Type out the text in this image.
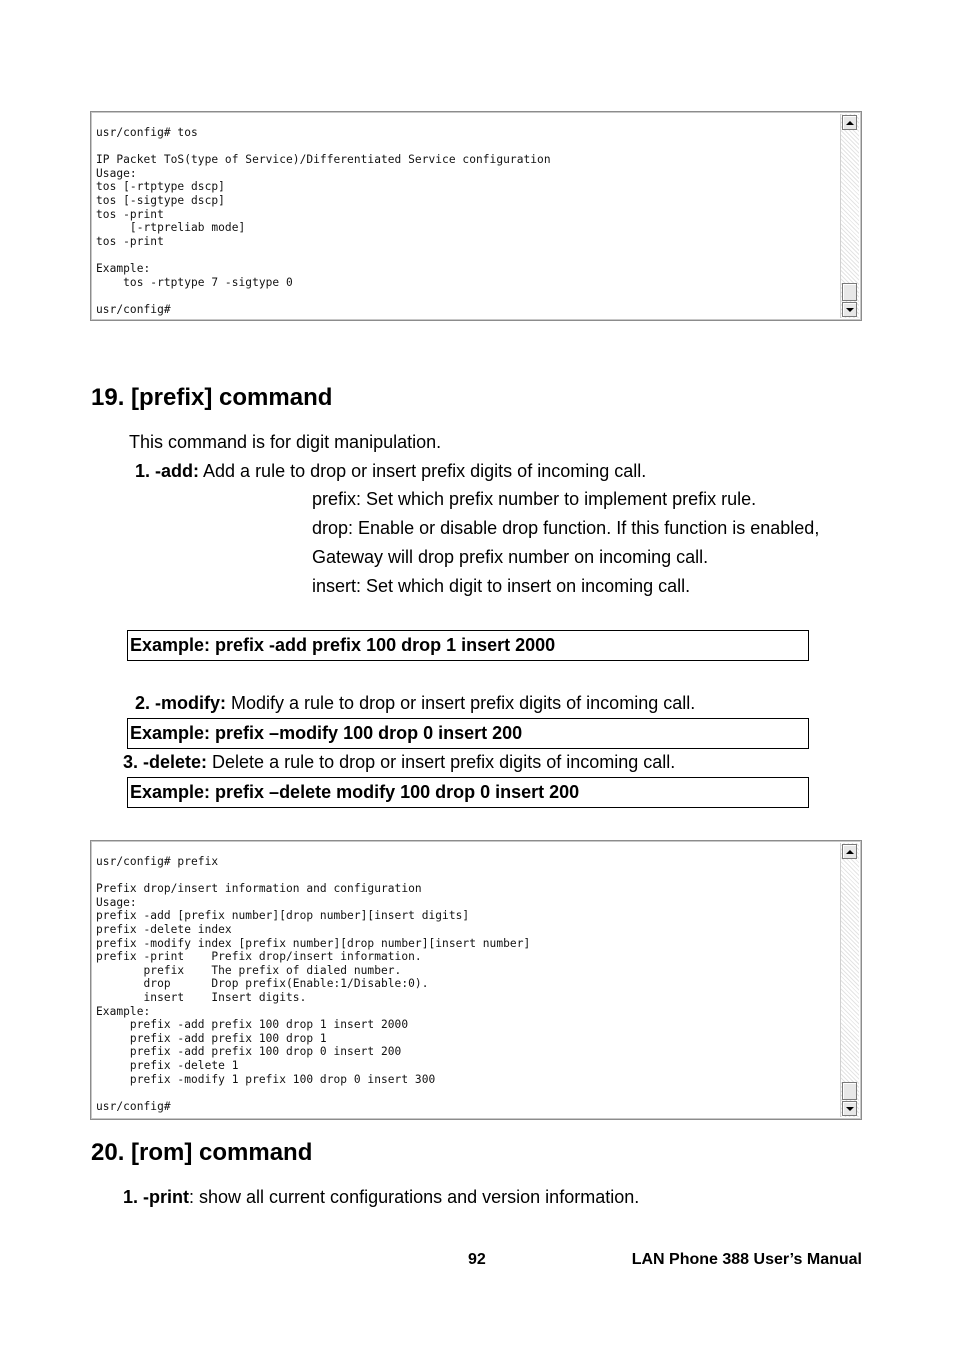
usr/config# tos

IP Packet ToS(type of Service)/Differentiated Service configuration
Usage:
tos [-rtptype dscp]
tos [-sigtype dscp]
tos -print
[-rtpreliab mode]
tos -print

Example:
tos -rtptype 7 -sigtype 0

usr/config#
19. [prefix] command
This command is for digit manipulation.
1. -add: Add a rule to drop or insert prefix digits of incoming call.
prefix: Set which prefix number to implement prefix rule.
drop: Enable or disable drop function. If this function is enabled,
Gateway will drop prefix number on incoming call.
insert: Set which digit to insert on incoming call.
Example: prefix -add prefix 100 drop 1 insert 2000
2. -modify: Modify a rule to drop or insert prefix digits of incoming call.
Example: prefix –modify 100 drop 0 insert 200
3. -delete: Delete a rule to drop or insert prefix digits of incoming call.
Example: prefix –delete modify 100 drop 0 insert 200
usr/config# prefix

Prefix drop/insert information and configuration
Usage:
prefix -add [prefix number][drop number][insert digits]
prefix -delete index
prefix -modify index [prefix number][drop number][insert number]
prefix -print    Prefix drop/insert information.
prefix    The prefix of dialed number.
drop      Drop prefix(Enable:1/Disable:0).
insert    Insert digits.
Example:
prefix -add prefix 100 drop 1 insert 2000
prefix -add prefix 100 drop 1
prefix -add prefix 100 drop 0 insert 200
prefix -delete 1
prefix -modify 1 prefix 100 drop 0 insert 300

usr/config#
20. [rom] command
1. -print: show all current configurations and version information.
92	LAN Phone 388 User’s Manual
